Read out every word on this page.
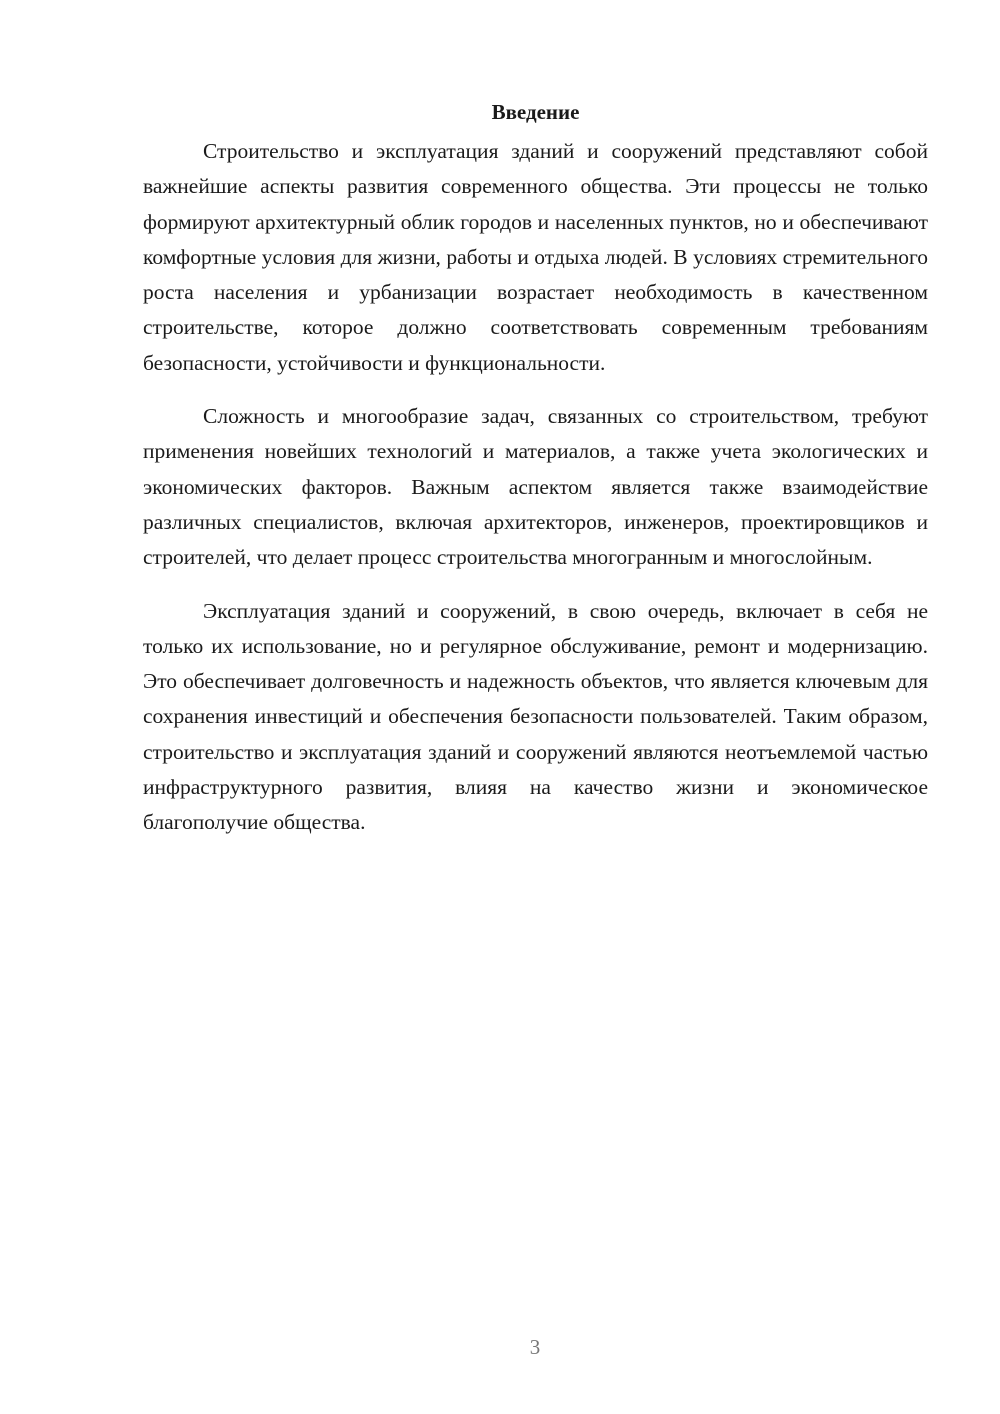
Введение

Строительство и эксплуатация зданий и сооружений представляют собой важнейшие аспекты развития современного общества. Эти процессы не только формируют архитектурный облик городов и населенных пунктов, но и обеспечивают комфортные условия для жизни, работы и отдыха людей. В условиях стремительного роста населения и урбанизации возрастает необходимость в качественном строительстве, которое должно соответствовать современным требованиям безопасности, устойчивости и функциональности.

Сложность и многообразие задач, связанных со строительством, требуют применения новейших технологий и материалов, а также учета экологических и экономических факторов. Важным аспектом является также взаимодействие различных специалистов, включая архитекторов, инженеров, проектировщиков и строителей, что делает процесс строительства многогранным и многослойным.

Эксплуатация зданий и сооружений, в свою очередь, включает в себя не только их использование, но и регулярное обслуживание, ремонт и модернизацию. Это обеспечивает долговечность и надежность объектов, что является ключевым для сохранения инвестиций и обеспечения безопасности пользователей. Таким образом, строительство и эксплуатация зданий и сооружений являются неотъемлемой частью инфраструктурного развития, влияя на качество жизни и экономическое благополучие общества.

3
